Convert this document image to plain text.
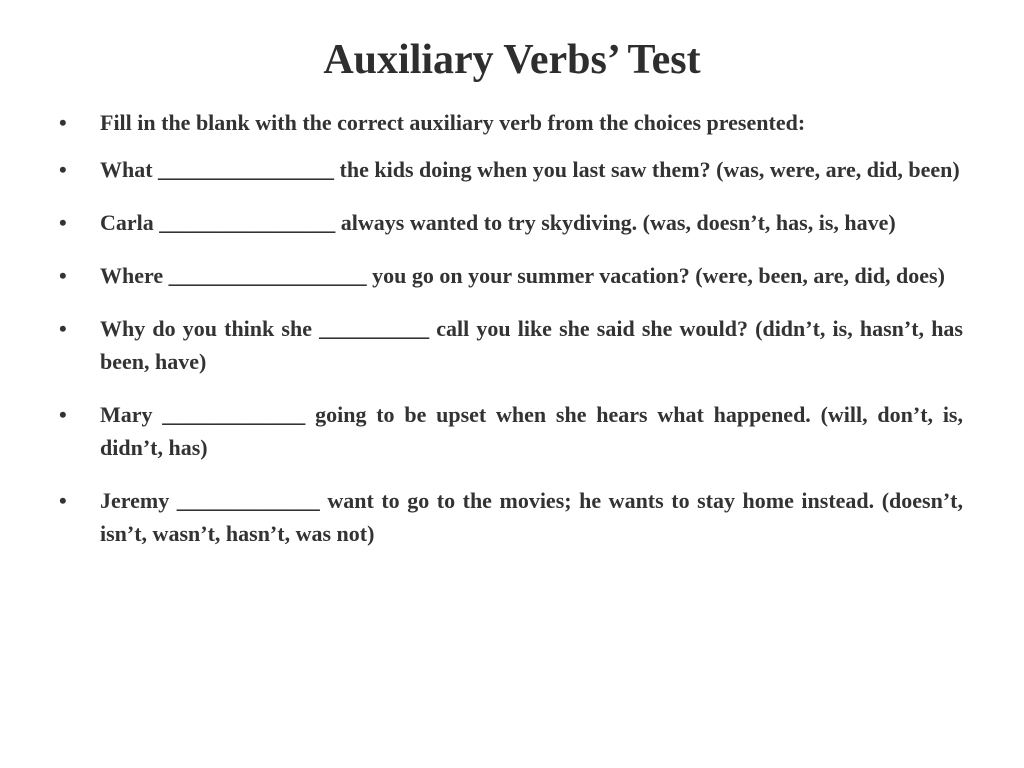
Auxiliary Verbs’ Test
• Fill in the blank with the correct auxiliary verb from the choices presented:
• What ________________ the kids doing when you last saw them? (was, were, are, did, been)
• Carla ________________ always wanted to try skydiving. (was, doesn’t, has, is, have)
• Where __________________ you go on your summer vacation? (were, been, are, did, does)
• Why do you think she __________ call you like she said she would? (didn’t, is, hasn’t, has been, have)
• Mary _____________ going to be upset when she hears what happened. (will, don’t, is, didn’t, has)
• Jeremy _____________ want to go to the movies; he wants to stay home instead. (doesn’t, isn’t, wasn’t, hasn’t, was not)
